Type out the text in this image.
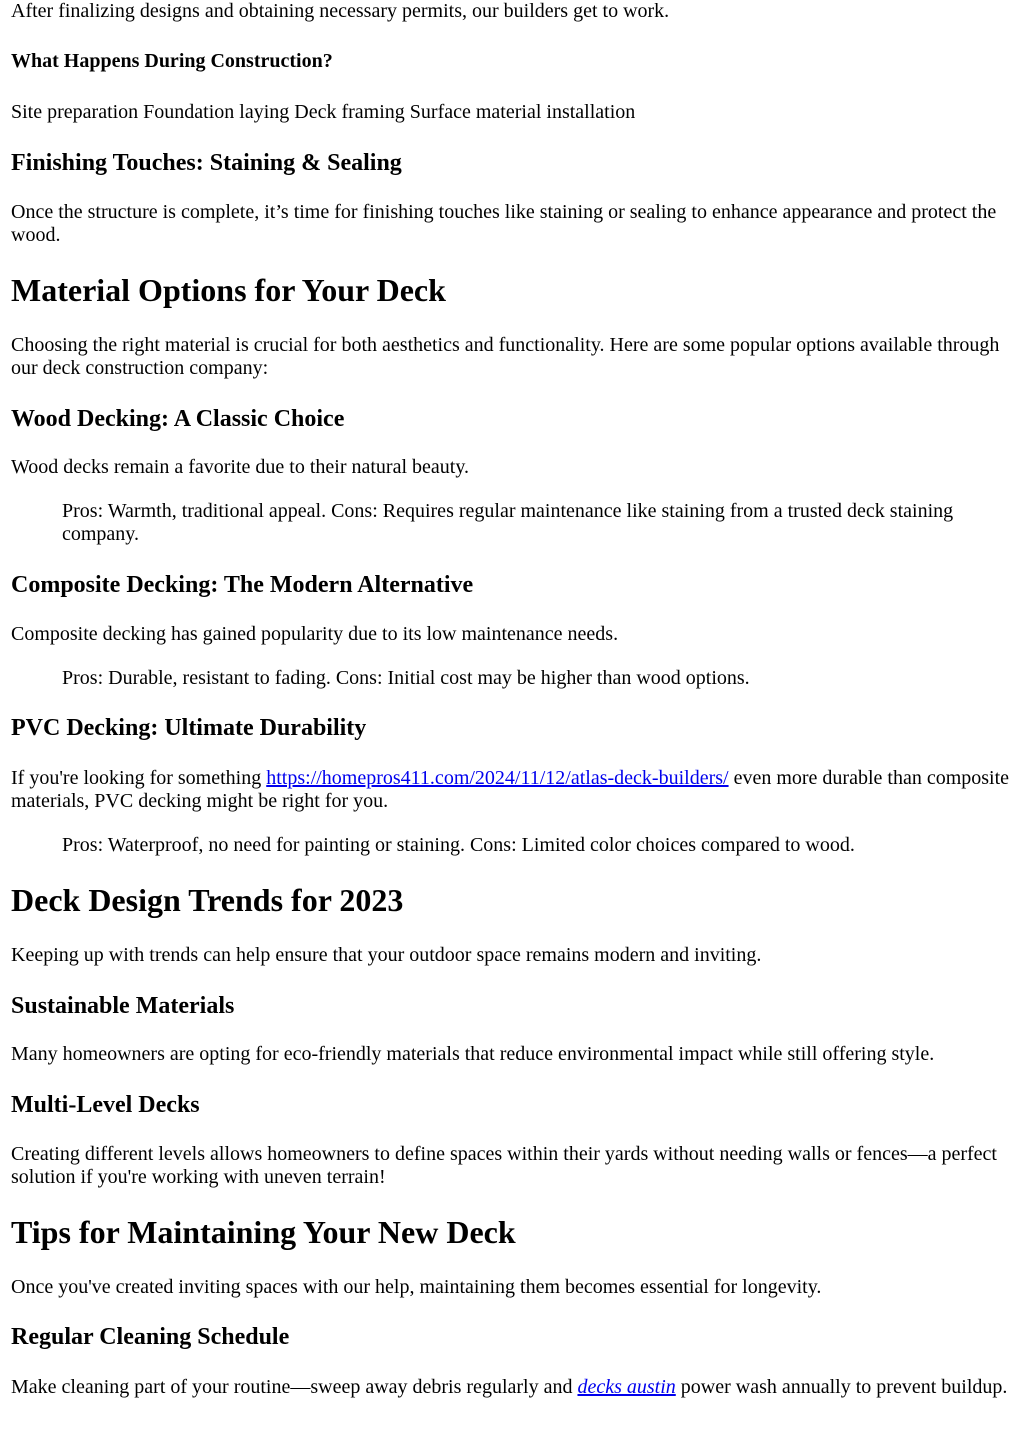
After finalizing designs and obtaining necessary permits, our builders get to work.

What Happens During Construction?

Site preparation Foundation laying Deck framing Surface material installation

Finishing Touches: Staining & Sealing

Once the structure is complete, it’s time for finishing touches like staining or sealing to enhance appearance and protect the wood.

Material Options for Your Deck

Choosing the right material is crucial for both aesthetics and functionality. Here are some popular options available through our deck construction company:

Wood Decking: A Classic Choice

Wood decks remain a favorite due to their natural beauty.

Pros: Warmth, traditional appeal. Cons: Requires regular maintenance like staining from a trusted deck staining company.
Composite Decking: The Modern Alternative

Composite decking has gained popularity due to its low maintenance needs.

Pros: Durable, resistant to fading. Cons: Initial cost may be higher than wood options.
PVC Decking: Ultimate Durability

If you're looking for something https://homepros411.com/2024/11/12/atlas-deck-builders/ even more durable than composite materials, PVC decking might be right for you.

Pros: Waterproof, no need for painting or staining. Cons: Limited color choices compared to wood.
Deck Design Trends for 2023

Keeping up with trends can help ensure that your outdoor space remains modern and inviting.

Sustainable Materials

Many homeowners are opting for eco-friendly materials that reduce environmental impact while still offering style.

Multi-Level Decks

Creating different levels allows homeowners to define spaces within their yards without needing walls or fences—a perfect solution if you're working with uneven terrain!

Tips for Maintaining Your New Deck

Once you've created inviting spaces with our help, maintaining them becomes essential for longevity.

Regular Cleaning Schedule

Make cleaning part of your routine—sweep away debris regularly and decks austin power wash annually to prevent buildup.
